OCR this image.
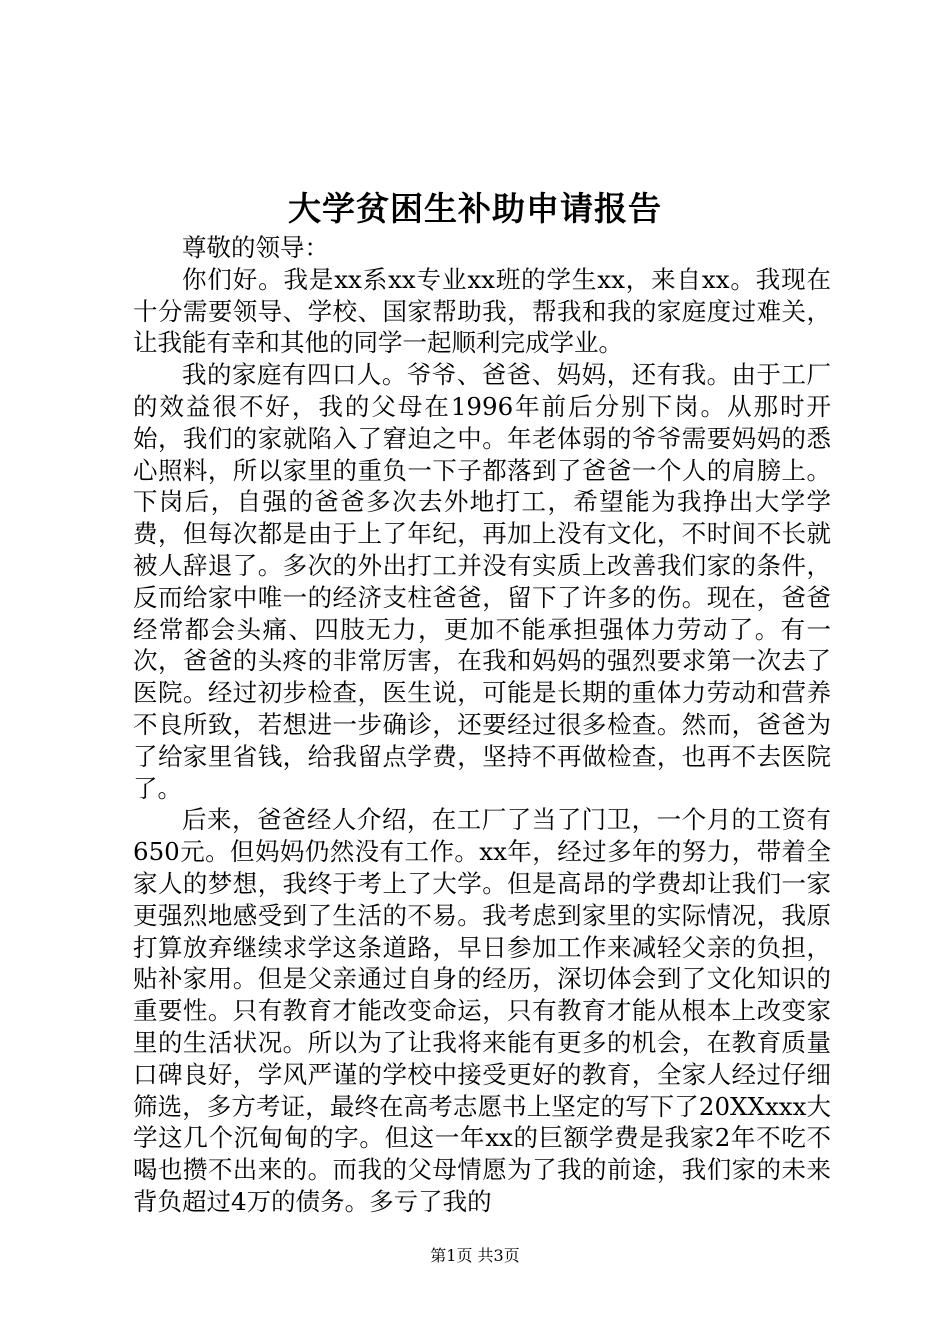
大学贫困生补助申请报告

尊敬的领导：

你们好。我是xx系xx专业xx班的学生xx，来自xx。我现在十分需要领导、学校、国家帮助我，帮我和我的家庭度过难关，让我能有幸和其他的同学一起顺利完成学业。

我的家庭有四口人。爷爷、爸爸、妈妈，还有我。由于工厂的效益很不好，我的父母在1996年前后分别下岗。从那时开始，我们的家就陷入了窘迫之中。年老体弱的爷爷需要妈妈的悉心照料，所以家里的重负一下子都落到了爸爸一个人的肩膀上。下岗后，自强的爸爸多次去外地打工，希望能为我挣出大学学费，但每次都是由于上了年纪，再加上没有文化，不时间不长就被人辞退了。多次的外出打工并没有实质上改善我们家的条件，反而给家中唯一的经济支柱爸爸，留下了许多的伤。现在，爸爸经常都会头痛、四肢无力，更加不能承担强体力劳动了。有一次，爸爸的头疼的非常厉害，在我和妈妈的强烈要求第一次去了医院。经过初步检查，医生说，可能是长期的重体力劳动和营养不良所致，若想进一步确诊，还要经过很多检查。然而，爸爸为了给家里省钱，给我留点学费，坚持不再做检查，也再不去医院了。

后来，爸爸经人介绍，在工厂了当了门卫，一个月的工资有650元。但妈妈仍然没有工作。xx年，经过多年的努力，带着全家人的梦想，我终于考上了大学。但是高昂的学费却让我们一家更强烈地感受到了生活的不易。我考虑到家里的实际情况，我原打算放弃继续求学这条道路，早日参加工作来减轻父亲的负担，贴补家用。但是父亲通过自身的经历，深切体会到了文化知识的重要性。只有教育才能改变命运，只有教育才能从根本上改变家里的生活状况。所以为了让我将来能有更多的机会，在教育质量口碑良好，学风严谨的学校中接受更好的教育，全家人经过仔细筛选，多方考证，最终在高考志愿书上坚定的写下了20XXxxx大学这几个沉甸甸的字。但这一年xx的巨额学费是我家2年不吃不喝也攒不出来的。而我的父母情愿为了我的前途，我们家的未来背负超过4万的债务。多亏了我的

第1页 共3页
